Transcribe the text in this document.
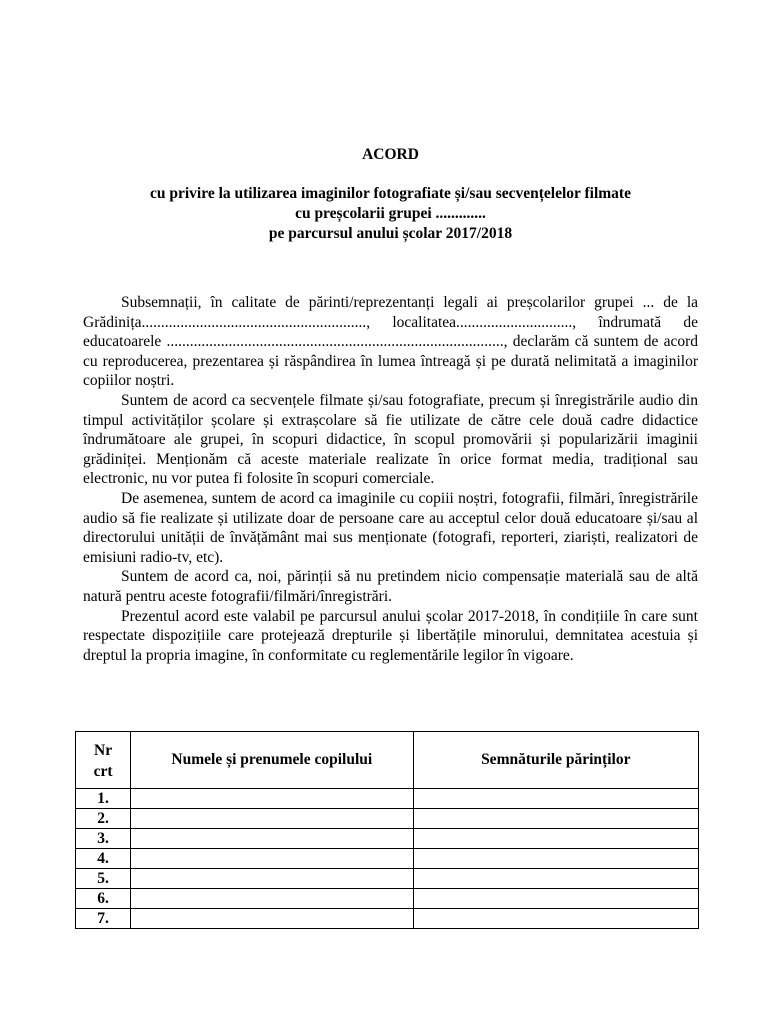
ACORD
cu privire la utilizarea imaginilor fotografiate și/sau secvențelelor filmate
cu preșcolarii grupei .............
pe parcursul anului școlar 2017/2018

Subsemnații, în calitate de părinti/reprezentanți legali ai preșcolarilor grupei ... de la Grădinița.........................................................., localitatea.............................., îndrumată de educatoarele ......................................................................................., declarăm că suntem de acord cu reproducerea, prezentarea și răspândirea în lumea întreagă și pe durată nelimitată a imaginilor copiilor noștri.

Suntem de acord ca secvențele filmate și/sau fotografiate, precum și înregistrările audio din timpul activităților școlare și extrașcolare să fie utilizate de către cele două cadre didactice îndrumătoare ale grupei, în scopuri didactice, în scopul promovării și popularizării imaginii grădiniței. Menționăm că aceste materiale realizate în orice format media, tradițional sau electronic, nu vor putea fi folosite în scopuri comerciale.

De asemenea, suntem de acord ca imaginile cu copiii noștri, fotografii, filmări, înregistrările audio să fie realizate și utilizate doar de persoane care au acceptul celor două educatoare și/sau al directorului unității de învățământ mai sus menționate (fotografi, reporteri, ziariști, realizatori de emisiuni radio-tv, etc).

Suntem de acord ca, noi, părinții să nu pretindem nicio compensație materială sau de altă natură pentru aceste fotografii/filmări/înregistrări.

Prezentul acord este valabil pe parcursul anului școlar 2017-2018, în condițiile în care sunt respectate dispozițiile care protejează drepturile și libertățile minorului, demnitatea acestuia și dreptul la propria imagine, în conformitate cu reglementările legilor în vigoare.

Nr
crt	Numele și prenumele copilului	Semnăturile părinților
1.		
2.		
3.		
4.		
5.		
6.		
7.		
